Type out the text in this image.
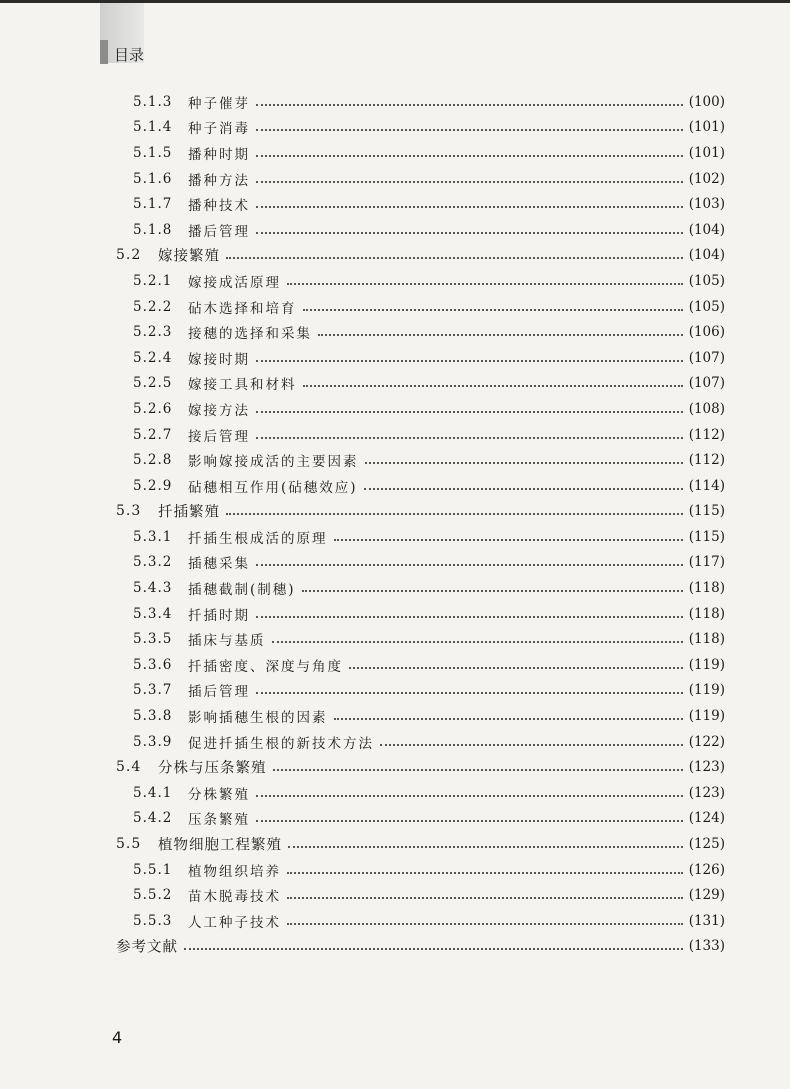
目录
5.1.3 种子催芽	(100)
5.1.4 种子消毒	(101)
5.1.5 播种时期	(101)
5.1.6 播种方法	(102)
5.1.7 播种技术	(103)
5.1.8 播后管理	(104)
5.2 嫁接繁殖	(104)
5.2.1 嫁接成活原理	(105)
5.2.2 砧木选择和培育	(105)
5.2.3 接穗的选择和采集	(106)
5.2.4 嫁接时期	(107)
5.2.5 嫁接工具和材料	(107)
5.2.6 嫁接方法	(108)
5.2.7 接后管理	(112)
5.2.8 影响嫁接成活的主要因素	(112)
5.2.9 砧穗相互作用(砧穗效应)	(114)
5.3 扦插繁殖	(115)
5.3.1 扦插生根成活的原理	(115)
5.3.2 插穗采集	(117)
5.4.3 插穗截制(制穗)	(118)
5.3.4 扦插时期	(118)
5.3.5 插床与基质	(118)
5.3.6 扦插密度、深度与角度	(119)
5.3.7 插后管理	(119)
5.3.8 影响插穗生根的因素	(119)
5.3.9 促进扦插生根的新技术方法	(122)
5.4 分株与压条繁殖	(123)
5.4.1 分株繁殖	(123)
5.4.2 压条繁殖	(124)
5.5 植物细胞工程繁殖	(125)
5.5.1 植物组织培养	(126)
5.5.2 苗木脱毒技术	(129)
5.5.3 人工种子技术	(131)
参考文献	(133)
4
